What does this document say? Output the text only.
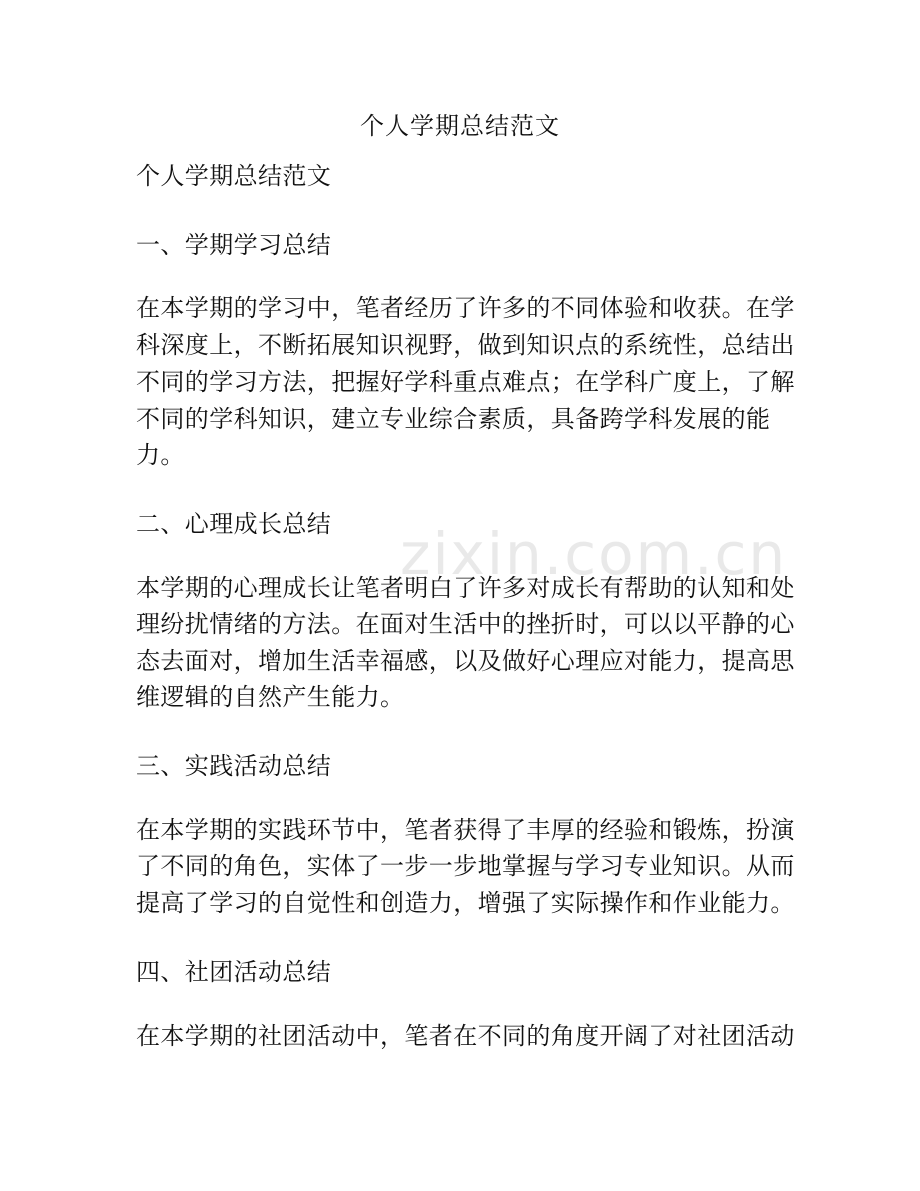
zixin.com.cn
个人学期总结范文
个人学期总结范文
一、学期学习总结
在本学期的学习中，笔者经历了许多的不同体验和收获。在学
科深度上，不断拓展知识视野，做到知识点的系统性，总结出
不同的学习方法，把握好学科重点难点；在学科广度上，了解
不同的学科知识，建立专业综合素质，具备跨学科发展的能
力。
二、心理成长总结
本学期的心理成长让笔者明白了许多对成长有帮助的认知和处
理纷扰情绪的方法。在面对生活中的挫折时，可以以平静的心
态去面对，增加生活幸福感，以及做好心理应对能力，提高思
维逻辑的自然产生能力。
三、实践活动总结
在本学期的实践环节中，笔者获得了丰厚的经验和锻炼，扮演
了不同的角色，实体了一步一步地掌握与学习专业知识。从而
提高了学习的自觉性和创造力，增强了实际操作和作业能力。
四、社团活动总结
在本学期的社团活动中，笔者在不同的角度开阔了对社团活动
